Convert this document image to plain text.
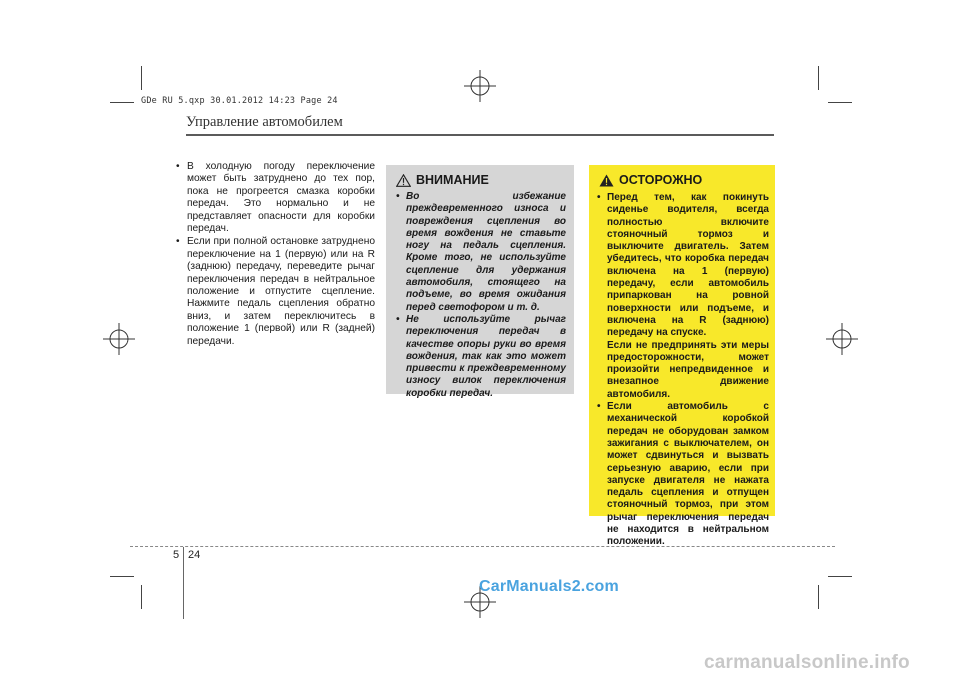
GDe RU 5.qxp 30.01.2012 14:23 Page 24
Управление автомобилем
• В холодную погоду переключение может быть затруднено до тех пор, пока не прогреется смазка коробки передач. Это нормально и не представляет опасности для коробки передач.
• Если при полной остановке затруднено переключение на 1 (первую) или на R (заднюю) передачу, переведите рычаг переключения передач в нейтральное положение и отпустите сцепление. Нажмите педаль сцепления обратно вниз, и затем переключитесь в положение 1 (первой) или R (задней) передачи.
ВНИМАНИЕ
• Во избежание преждевременного износа и повреждения сцепления во время вождения не ставьте ногу на педаль сцепления. Кроме того, не используйте сцепление для удержания автомобиля, стоящего на подъеме, во время ожидания перед светофором и т. д.
• Не используйте рычаг переключения передач в качестве опоры руки во время вождения, так как это может привести к преждевременному износу вилок переключения коробки передач.
ОСТОРОЖНО
• Перед тем, как покинуть сиденье водителя, всегда полностью включите стояночный тормоз и выключите двигатель. Затем убедитесь, что коробка передач включена на 1 (первую) передачу, если автомобиль припаркован на ровной поверхности или подъеме, и включена на R (заднюю) передачу на спуске.
Если не предпринять эти меры предосторожности, может произойти непредвиденное и внезапное движение автомобиля.
• Если автомобиль с механической коробкой передач не оборудован замком зажигания с выключателем, он может сдвинуться и вызвать серьезную аварию, если при запуске двигателя не нажата педаль сцепления и отпущен стояночный тормоз, при этом рычаг переключения передач не находится в нейтральном положении.
5 24
CarManuals2.com
carmanualsonline.info
